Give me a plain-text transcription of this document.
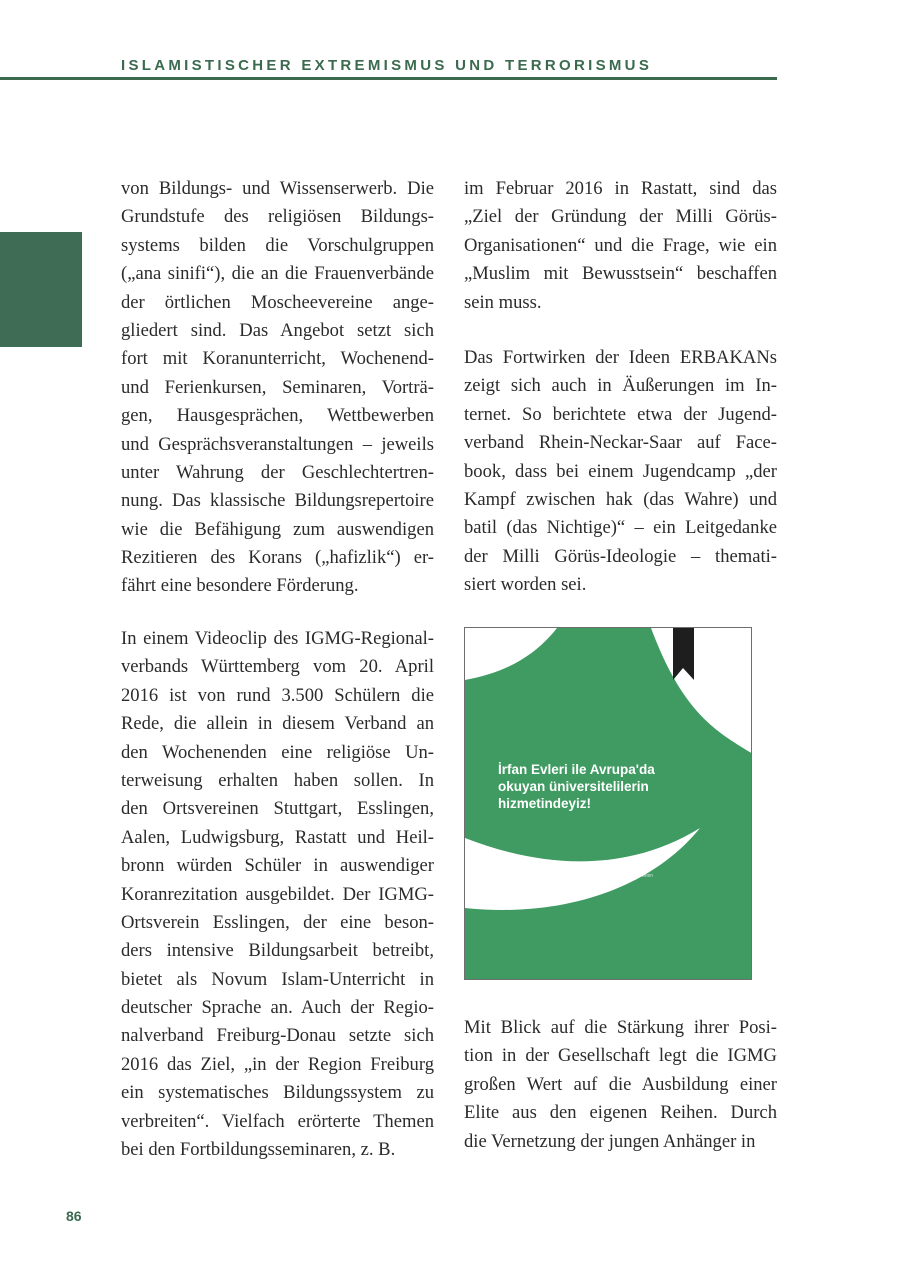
ISLAMISTISCHER EXTREMISMUS UND TERRORISMUS
von Bildungs- und Wissenserwerb. Die
Grundstufe des religiösen Bildungs-
systems bilden die Vorschulgruppen
(„ana sinifi“), die an die Frauenverbände
der örtlichen Moscheevereine ange-
gliedert sind. Das Angebot setzt sich
fort mit Koranunterricht, Wochenend-
und Ferienkursen, Seminaren, Vorträ-
gen, Hausgesprächen, Wettbewerben
und Gesprächsveranstaltungen – jeweils
unter Wahrung der Geschlechtertren-
nung. Das klassische Bildungsrepertoire
wie die Befähigung zum auswendigen
Rezitieren des Korans („hafizlik“) er-
fährt eine besondere Förderung.
In einem Videoclip des IGMG-Regional-
verbands Württemberg vom 20. April
2016 ist von rund 3.500 Schülern die
Rede, die allein in diesem Verband an
den Wochenenden eine religiöse Un-
terweisung erhalten haben sollen. In
den Ortsvereinen Stuttgart, Esslingen,
Aalen, Ludwigsburg, Rastatt und Heil-
bronn würden Schüler in auswendiger
Koranrezitation ausgebildet. Der IGMG-
Ortsverein Esslingen, der eine beson-
ders intensive Bildungsarbeit betreibt,
bietet als Novum Islam-Unterricht in
deutscher Sprache an. Auch der Regio-
nalverband Freiburg-Donau setzte sich
2016 das Ziel, „in der Region Freiburg
ein systematisches Bildungssystem zu
verbreiten“. Vielfach erörterte Themen
bei den Fortbildungsseminaren, z. B.
im Februar 2016 in Rastatt, sind das
„Ziel der Gründung der Milli Görüs-
Organisationen“ und die Frage, wie ein
„Muslim mit Bewusstsein“ beschaffen
sein muss.
Das Fortwirken der Ideen ERBAKANs
zeigt sich auch in Äußerungen im In-
ternet. So berichtete etwa der Jugend-
verband Rhein-Neckar-Saar auf Face-
book, dass bei einem Jugendcamp „der
Kampf zwischen hak (das Wahre) und
batil (das Nichtige)“ – ein Leitgedanke
der Milli Görüs-Ideologie – themati-
siert worden sei.
Mit Blick auf die Stärkung ihrer Posi-
tion in der Gesellschaft legt die IGMG
großen Wert auf die Ausbildung einer
Elite aus den eigenen Reihen. Durch
die Vernetzung der jungen Anhänger in
İrfan Evleri ile Avrupa'da
okuyan üniversitelilerin
hizmetindeyiz!
İlimden İrfana, İrfandan Hayata...
Kudüs · İstanbul · Frankfurt · Köln · Stuttgart · München · Paris · Wien
86
